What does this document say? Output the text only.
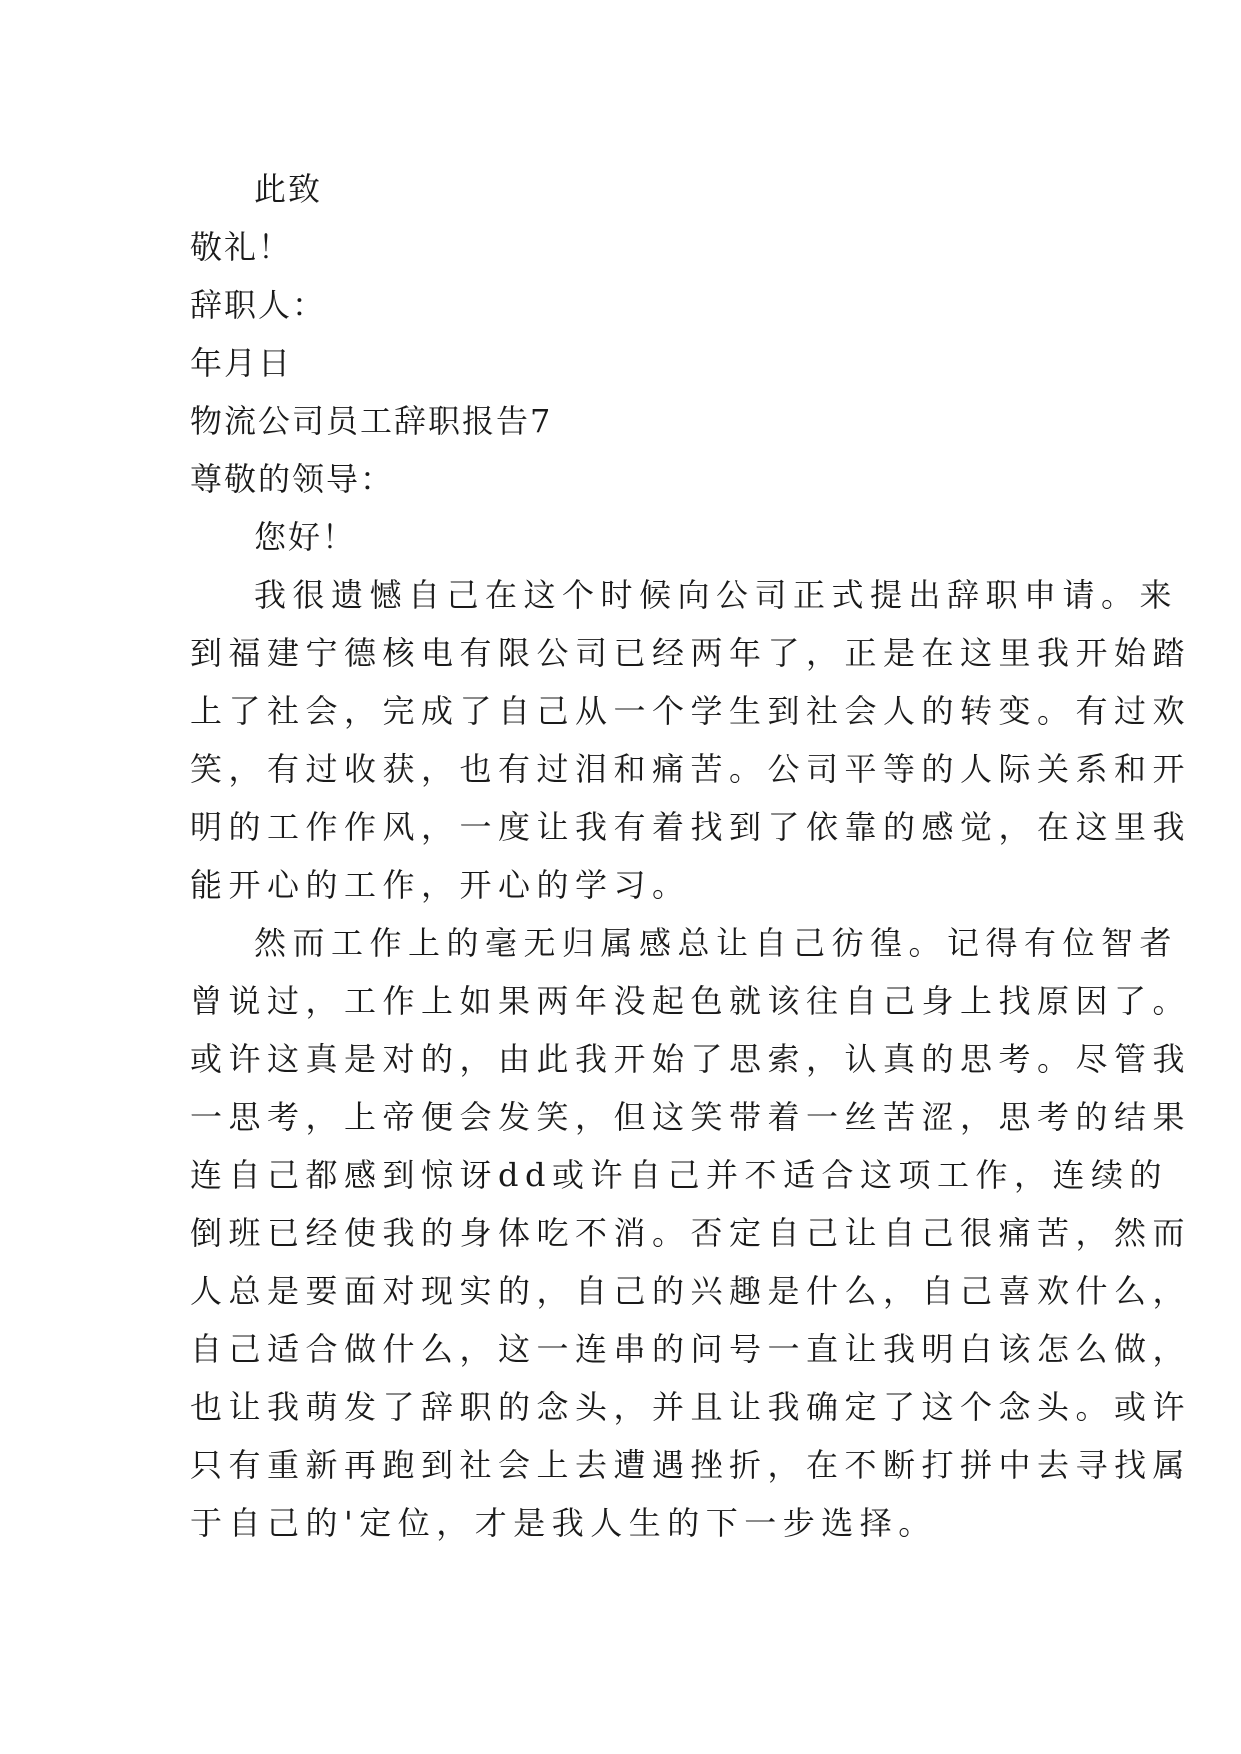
此致
敬礼！
辞职人：
年月日
物流公司员工辞职报告7
尊敬的领导：
您好！
我很遗憾自己在这个时候向公司正式提出辞职申请。来
到福建宁德核电有限公司已经两年了，正是在这里我开始踏
上了社会，完成了自己从一个学生到社会人的转变。有过欢
笑，有过收获，也有过泪和痛苦。公司平等的人际关系和开
明的工作作风，一度让我有着找到了依靠的感觉，在这里我
能开心的工作，开心的学习。
然而工作上的毫无归属感总让自己彷徨。记得有位智者
曾说过，工作上如果两年没起色就该往自己身上找原因了。
或许这真是对的，由此我开始了思索，认真的思考。尽管我
一思考，上帝便会发笑，但这笑带着一丝苦涩，思考的结果
连自己都感到惊讶dd或许自己并不适合这项工作，连续的
倒班已经使我的身体吃不消。否定自己让自己很痛苦，然而
人总是要面对现实的，自己的兴趣是什么，自己喜欢什么，
自己适合做什么，这一连串的问号一直让我明白该怎么做，
也让我萌发了辞职的念头，并且让我确定了这个念头。或许
只有重新再跑到社会上去遭遇挫折，在不断打拼中去寻找属
于自己的'定位，才是我人生的下一步选择。
